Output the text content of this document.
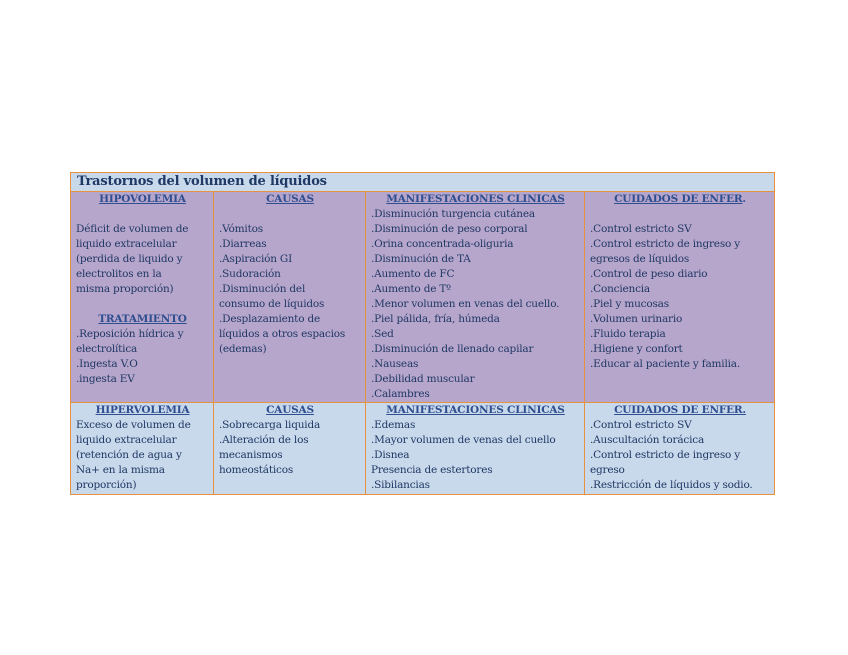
Trastornos del volumen de líquidos
HIPOVOLEMIA
Déficit de volumen de
liquido extracelular
(perdida de liquido y
electrolitos en la
misma proporción)
TRATAMIENTO
.Reposición hídrica y
electrolítica
.Ingesta V.O
.ingesta EV
CAUSAS
.Vómitos
.Diarreas
.Aspiración GI
.Sudoración
.Disminución del
consumo de líquidos
.Desplazamiento de
líquidos a otros espacios
(edemas)
MANIFESTACIONES CLINICAS
.Disminución turgencia cutánea
.Disminución de peso corporal
.Orina concentrada-oliguria
.Disminución de TA
.Aumento de FC
.Aumento de Tº
.Menor volumen en venas del cuello.
.Piel pálida, fría, húmeda
.Sed
.Disminución de llenado capilar
.Nauseas
.Debilidad muscular
.Calambres
CUIDADOS DE ENFER.
.Control estricto SV
.Control estricto de ingreso y
egresos de líquidos
.Control de peso diario
.Conciencia
.Piel y mucosas
.Volumen urinario
.Fluido terapia
.Higiene y confort
.Educar al paciente y familia.
HIPERVOLEMIA
Exceso de volumen de
liquido extracelular
(retención de agua y
Na+ en la misma
proporción)
CAUSAS
.Sobrecarga liquida
.Alteración de los
mecanismos
homeostáticos
MANIFESTACIONES CLINICAS
.Edemas
.Mayor volumen de venas del cuello
.Disnea
Presencia de estertores
.Sibilancias
CUIDADOS DE ENFER.
.Control estricto SV
.Auscultación torácica
.Control estricto de ingreso y
egreso
.Restricción de líquidos y sodio.
